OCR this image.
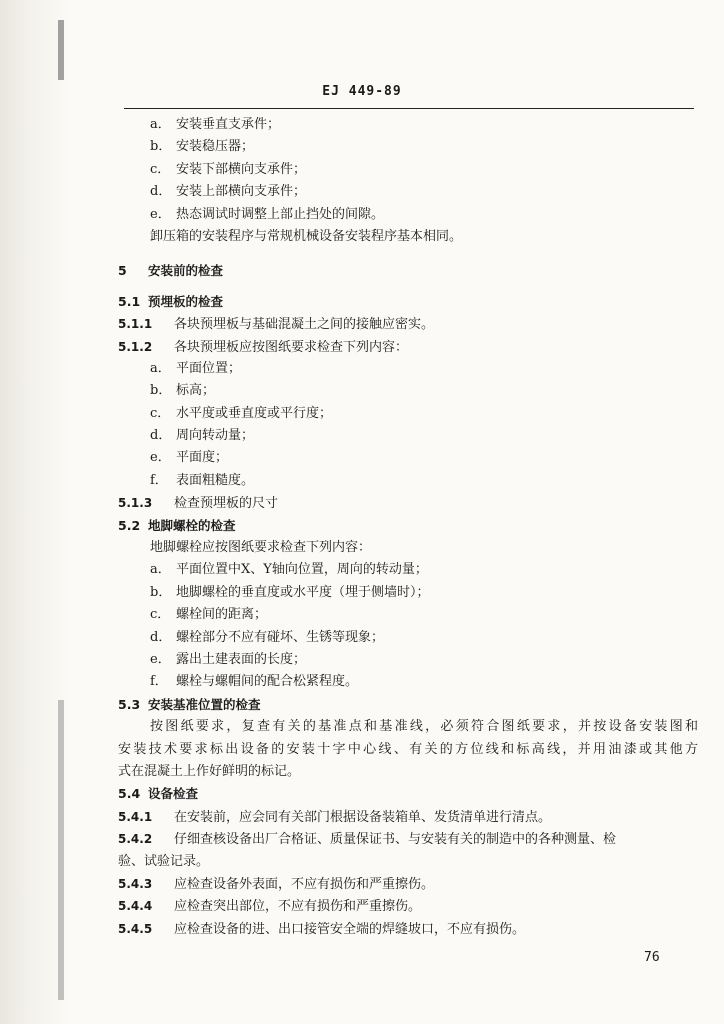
EJ 449-89
a． 安装垂直支承件；
b． 安装稳压器；
c． 安装下部横向支承件；
d． 安装上部横向支承件；
e． 热态调试时调整上部止挡处的间隙。
卸压箱的安装程序与常规机械设备安装程序基本相同。
5 安装前的检查
5.1 预埋板的检查
5.1.1 各块预埋板与基础混凝土之间的接触应密实。
5.1.2 各块预埋板应按图纸要求检查下列内容：
a． 平面位置；
b． 标高；
c． 水平度或垂直度或平行度；
d． 周向转动量；
e． 平面度；
f． 表面粗糙度。
5.1.3 检查预埋板的尺寸
5.2 地脚螺栓的检查
地脚螺栓应按图纸要求检查下列内容：
a． 平面位置中X、Y轴向位置，周向的转动量；
b． 地脚螺栓的垂直度或水平度（埋于侧墙时）；
c． 螺栓间的距离；
d． 螺栓部分不应有碰坏、生锈等现象；
e． 露出土建表面的长度；
f． 螺栓与螺帽间的配合松紧程度。
5.3 安装基准位置的检查
按图纸要求，复查有关的基准点和基准线，必须符合图纸要求，并按设备安装图和
安装技术要求标出设备的安装十字中心线、有关的方位线和标高线，并用油漆或其他方
式在混凝土上作好鲜明的标记。
5.4 设备检查
5.4.1 在安装前，应会同有关部门根据设备装箱单、发货清单进行清点。
5.4.2 仔细查核设备出厂合格证、质量保证书、与安装有关的制造中的各种测量、检
验、试验记录。
5.4.3 应检查设备外表面，不应有损伤和严重擦伤。
5.4.4 应检查突出部位，不应有损伤和严重擦伤。
5.4.5 应检查设备的进、出口接管安全端的焊缝坡口，不应有损伤。
76
